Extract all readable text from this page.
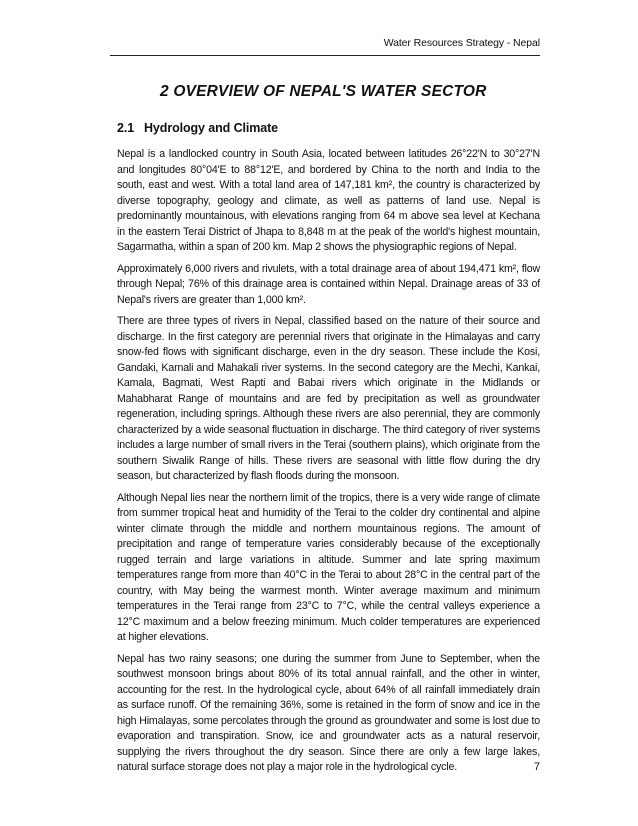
Water Resources Strategy - Nepal
2 OVERVIEW OF NEPAL'S WATER SECTOR
2.1 Hydrology and Climate

Nepal is a landlocked country in South Asia, located between latitudes 26°22'N to 30°27'N and longitudes 80°04'E to 88°12'E, and bordered by China to the north and India to the south, east and west. With a total land area of 147,181 km², the country is characterized by diverse topography, geology and climate, as well as patterns of land use. Nepal is predominantly mountainous, with elevations ranging from 64 m above sea level at Kechana in the eastern Terai District of Jhapa to 8,848 m at the peak of the world's highest mountain, Sagarmatha, within a span of 200 km. Map 2 shows the physiographic regions of Nepal.

Approximately 6,000 rivers and rivulets, with a total drainage area of about 194,471 km², flow through Nepal; 76% of this drainage area is contained within Nepal. Drainage areas of 33 of Nepal's rivers are greater than 1,000 km².

There are three types of rivers in Nepal, classified based on the nature of their source and discharge. In the first category are perennial rivers that originate in the Himalayas and carry snow-fed flows with significant discharge, even in the dry season. These include the Kosi, Gandaki, Karnali and Mahakali river systems. In the second category are the Mechi, Kankai, Kamala, Bagmati, West Rapti and Babai rivers which originate in the Midlands or Mahabharat Range of mountains and are fed by precipitation as well as groundwater regeneration, including springs. Although these rivers are also perennial, they are commonly characterized by a wide seasonal fluctuation in discharge. The third category of river systems includes a large number of small rivers in the Terai (southern plains), which originate from the southern Siwalik Range of hills. These rivers are seasonal with little flow during the dry season, but characterized by flash floods during the monsoon.

Although Nepal lies near the northern limit of the tropics, there is a very wide range of climate from summer tropical heat and humidity of the Terai to the colder dry continental and alpine winter climate through the middle and northern mountainous regions. The amount of precipitation and range of temperature varies considerably because of the exceptionally rugged terrain and large variations in altitude. Summer and late spring maximum temperatures range from more than 40°C in the Terai to about 28°C in the central part of the country, with May being the warmest month. Winter average maximum and minimum temperatures in the Terai range from 23°C to 7°C, while the central valleys experience a 12°C maximum and a below freezing minimum. Much colder temperatures are experienced at higher elevations.

Nepal has two rainy seasons; one during the summer from June to September, when the southwest monsoon brings about 80% of its total annual rainfall, and the other in winter, accounting for the rest. In the hydrological cycle, about 64% of all rainfall immediately drain as surface runoff. Of the remaining 36%, some is retained in the form of snow and ice in the high Himalayas, some percolates through the ground as groundwater and some is lost due to evaporation and transpiration. Snow, ice and groundwater acts as a natural reservoir, supplying the rivers throughout the dry season. Since there are only a few large lakes, natural surface storage does not play a major role in the hydrological cycle.	7
